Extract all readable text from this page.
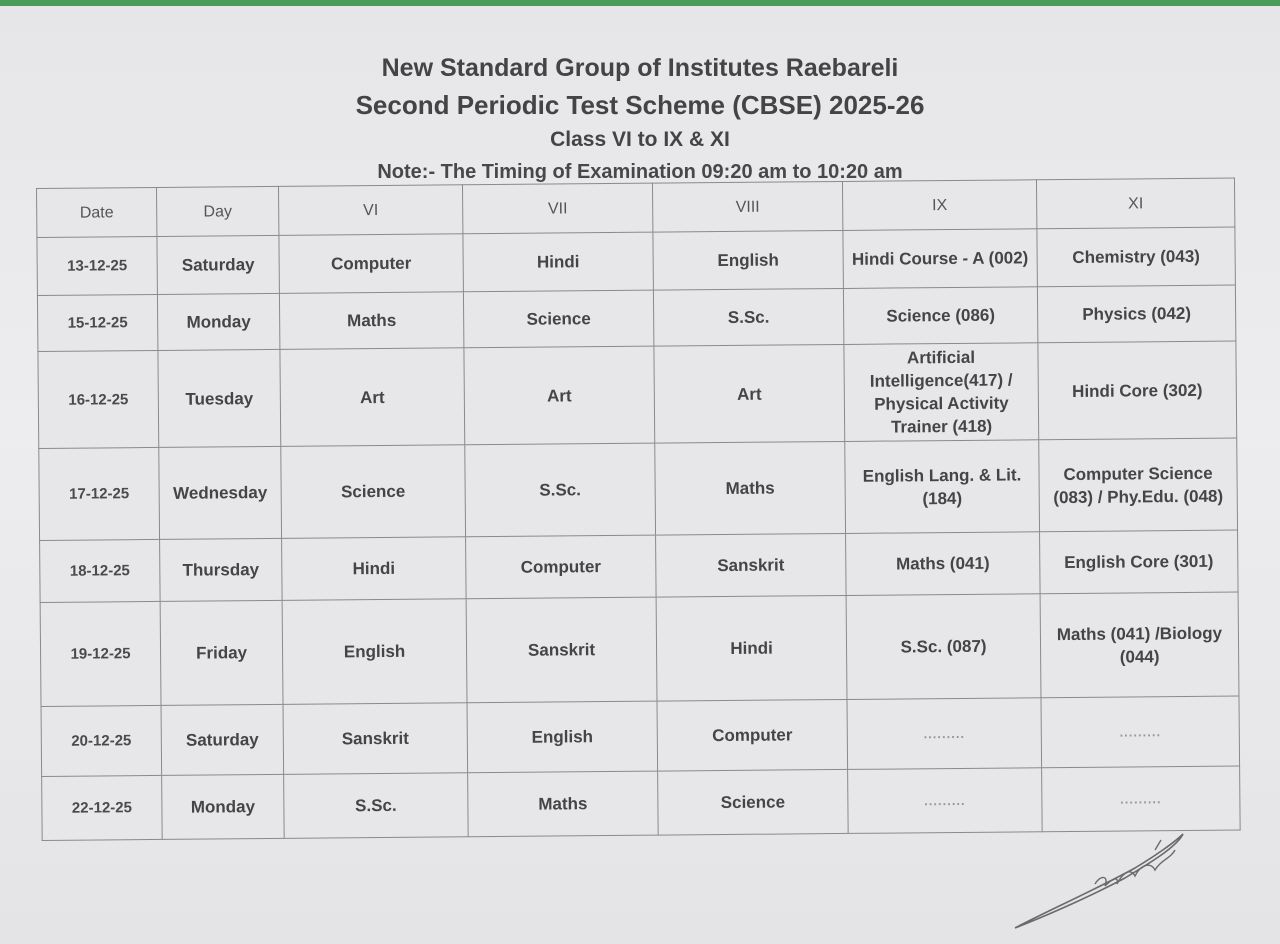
New Standard Group of Institutes Raebareli
Second Periodic Test Scheme (CBSE) 2025-26
Class VI to IX & XI
Note:- The Timing of Examination 09:20 am to 10:20 am
Date	Day	VI	VII	VIII	IX	XI
13-12-25	Saturday	Computer	Hindi	English	Hindi Course - A (002)	Chemistry (043)
15-12-25	Monday	Maths	Science	S.Sc.	Science (086)	Physics (042)
16-12-25	Tuesday	Art	Art	Art	Artificial Intelligence(417) / Physical Activity Trainer (418)	Hindi Core (302)
17-12-25	Wednesday	Science	S.Sc.	Maths	English Lang. & Lit. (184)	Computer Science (083) / Phy.Edu. (048)
18-12-25	Thursday	Hindi	Computer	Sanskrit	Maths (041)	English Core (301)
19-12-25	Friday	English	Sanskrit	Hindi	S.Sc. (087)	Maths (041) /Biology (044)
20-12-25	Saturday	Sanskrit	English	Computer	.........	.........
22-12-25	Monday	S.Sc.	Maths	Science	.........	.........
